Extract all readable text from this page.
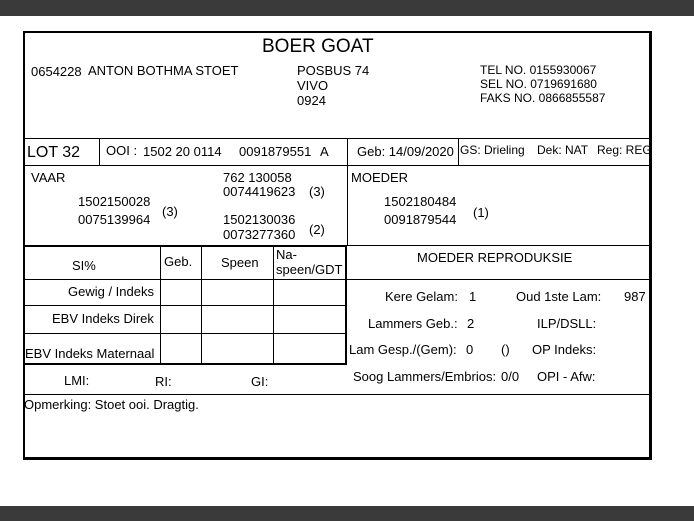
BOER GOAT
0654228 ANTON BOTHMA STOET	POSBUS 74
VIVO
0924
TEL NO. 0155930067
SEL NO. 0719691680
FAKS NO. 0866855587
LOT 32 OOI : 1502 20 0114 0091879551 A Geb: 14/09/2020 GS: Drieling Dek: NAT Reg: REG
VAAR
1502150028
0075139964
(3)
762 130058
0074419623 (3)
1502130036
0073277360 (2)
MOEDER
1502180484
0091879544 (1)
SI%	Geb. Speen
Na-
speen/GDT
Gewig / Indeks
EBV Indeks Direk
EBV Indeks Maternaal
LMI:	RI:	GI:
MOEDER REPRODUKSIE
Kere Gelam: 1	Oud 1ste Lam: 987
Lammers Geb.: 2	ILP/DSLL:
Lam Gesp./(Gem): 0 () OP Indeks:
Soog Lammers/Embrios: 0/0 OPI - Afw:
Opmerking: Stoet ooi. Dragtig.
